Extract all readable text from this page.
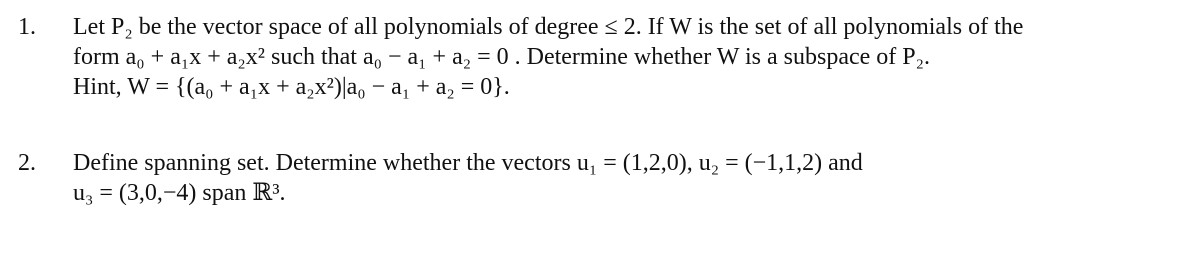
1. Let P₂ be the vector space of all polynomials of degree ≤ 2. If W is the set of all polynomials of the
form a₀ + a₁x + a₂x² such that a₀ − a₁ + a₂ = 0 . Determine whether W is a subspace of P₂.
Hint, W = {(a₀ + a₁x + a₂x²)|a₀ − a₁ + a₂ = 0}.
2. Define spanning set. Determine whether the vectors u₁ = (1,2,0), u₂ = (−1,1,2) and
u₃ = (3,0,−4) span ℝ³.
